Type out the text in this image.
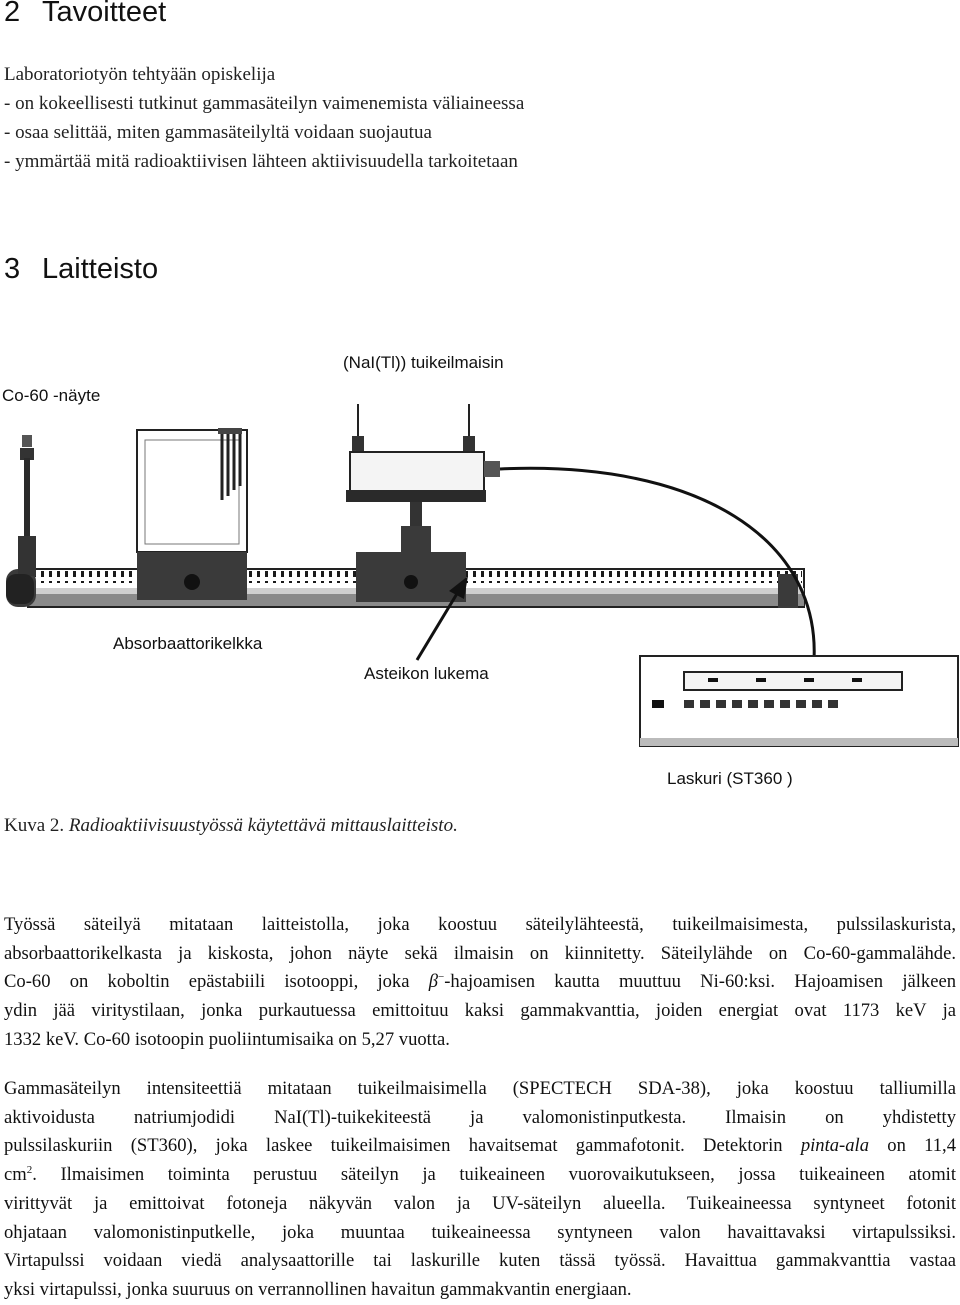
2 Tavoitteet
Laboratoriotyön tehtyään opiskelija
- on kokeellisesti tutkinut gammasäteilyn vaimenemista väliaineessa
- osaa selittää, miten gammasäteilyltä voidaan suojautua
- ymmärtää mitä radioaktiivisen lähteen aktiivisuudella tarkoitetaan
3 Laitteisto
(NaI(Tl)) tuikeilmaisin
Co-60 -näyte
Absorbaattorikelkka
Asteikon lukema
Laskuri (ST360 )
Kuva 2. Radioaktiivisuustyössä käytettävä mittauslaitteisto.

Työssä säteilyä mitataan laitteistolla, joka koostuu säteilylähteestä, tuikeilmaisimesta, pulssilaskurista,
absorbaattorikelkasta ja kiskosta, johon näyte sekä ilmaisin on kiinnitetty. Säteilylähde on Co-60-gammalähde.
Co-60 on koboltin epästabiili isotooppi, joka β−-hajoamisen kautta muuttuu Ni-60:ksi. Hajoamisen jälkeen
ydin jää viritystilaan, jonka purkautuessa emittoituu kaksi gammakvanttia, joiden energiat ovat 1173 keV ja
1332 keV. Co-60 isotoopin puoliintumisaika on 5,27 vuotta.

Gammasäteilyn intensiteettiä mitataan tuikeilmaisimella (SPECTECH SDA-38), joka koostuu talliumilla
aktivoidusta natriumjodidi NaI(Tl)-tuikekiteestä ja valomonistinputkesta. Ilmaisin on yhdistetty
pulssilaskuriin (ST360), joka laskee tuikeilmaisimen havaitsemat gammafotonit. Detektorin pinta-ala on 11,4
$cm^2$. Ilmaisimen toiminta perustuu säteilyn ja tuikeaineen vuorovaikutukseen, jossa tuikeaineen atomit
virittyvät ja emittoivat fotoneja näkyvän valon ja UV-säteilyn alueella. Tuikeaineessa syntyneet fotonit
ohjataan valomonistinputkelle, joka muuntaa tuikeaineessa syntyneen valon havaittavaksi virtapulssiksi.
Virtapulssi voidaan viedä analysaattorille tai laskurille kuten tässä työssä. Havaittua gammakvanttia vastaa
yksi virtapulssi, jonka suuruus on verrannollinen havaitun gammakvantin energiaan.
